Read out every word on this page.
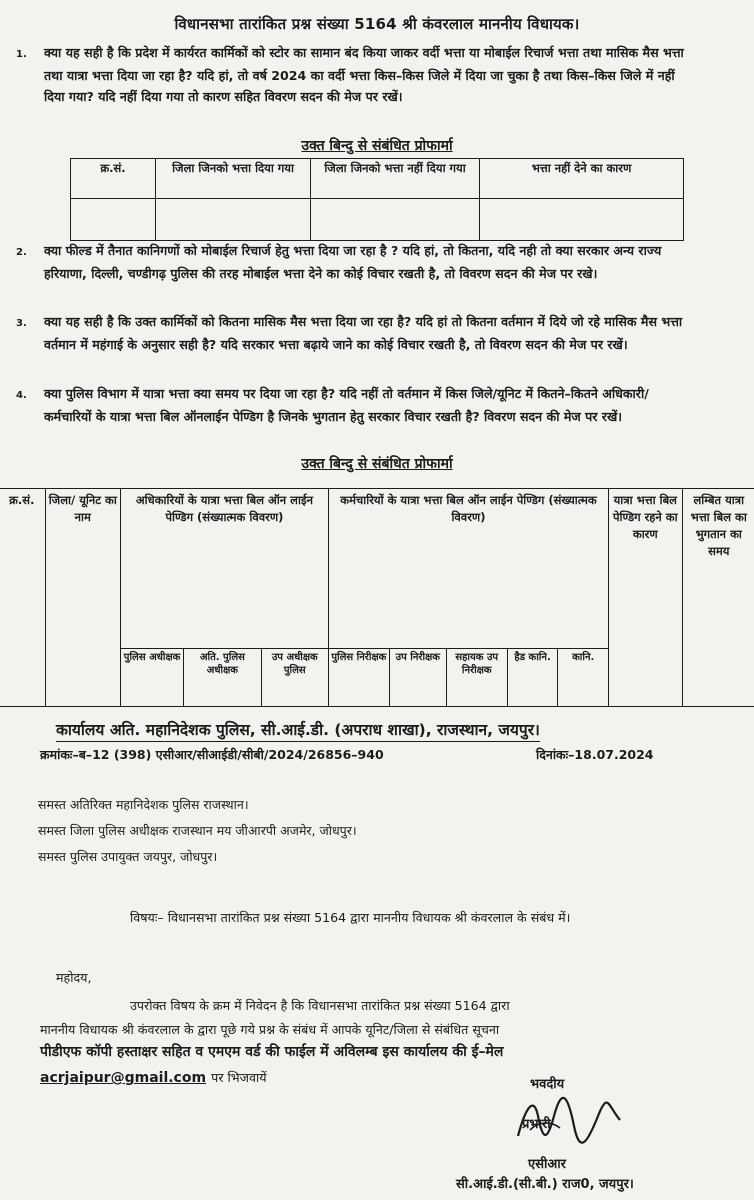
विधानसभा तारांकित प्रश्न संख्या 5164 श्री कंवरलाल माननीय विधायक।
1. क्या यह सही है कि प्रदेश में कार्यरत कार्मिकों को स्टोर का सामान बंद किया जाकर वर्दी भत्ता या मोबाईल रिचार्ज भत्ता तथा मासिक मैस भत्ता तथा यात्रा भत्ता दिया जा रहा है? यदि हां, तो वर्ष 2024 का वर्दी भत्ता किस–किस जिले में दिया जा चुका है तथा किस–किस जिले में नहीं दिया गया? यदि नहीं दिया गया तो कारण सहित विवरण सदन की मेज पर रखें।
उक्त बिन्दु से संबंधित प्रोफार्मा
क्र.सं.	जिला जिनको भत्ता दिया गया	जिला जिनको भत्ता नहीं दिया गया	भत्ता नहीं देने का कारण

2. क्या फील्ड में तैनात कानिगणों को मोबाईल रिचार्ज हेतु भत्ता दिया जा रहा है ? यदि हां, तो कितना, यदि नही तो क्या सरकार अन्य राज्य हरियाणा, दिल्ली, चण्डीगढ़ पुलिस की तरह मोबाईल भत्ता देने का कोई विचार रखती है, तो विवरण सदन की मेज पर रखे।
3. क्या यह सही है कि उक्त कार्मिकों को कितना मासिक मैस भत्ता दिया जा रहा है? यदि हां तो कितना वर्तमान में दिये जो रहे मासिक मैस भत्ता वर्तमान में महंगाई के अनुसार सही है? यदि सरकार भत्ता बढ़ाये जाने का कोई विचार रखती है, तो विवरण सदन की मेज पर रखें।
4. क्या पुलिस विभाग में यात्रा भत्ता क्या समय पर दिया जा रहा है? यदि नहीं तो वर्तमान में किस जिले/यूनिट में कितने–कितने अधिकारी/कर्मचारियों के यात्रा भत्ता बिल ऑनलाईन पेण्डिग है जिनके भुगतान हेतु सरकार विचार रखती है? विवरण सदन की मेज पर रखें।
उक्त बिन्दु से संबंधित प्रोफार्मा
क्र.सं.	जिला/ यूनिट का नाम	अधिकारियों के यात्रा भत्ता बिल ऑन लाईन पेण्डिग (संख्यात्मक विवरण)			कर्मचारियों के यात्रा भत्ता बिल ऑन लाईन पेण्डिग (संख्यात्मक विवरण)					यात्रा भत्ता बिल पेण्डिग रहने का कारण	लम्बित यात्रा भत्ता बिल का भुगतान का समय
		पुलिस अधीक्षक	अति. पुलिस अधीक्षक	उप अधीक्षक पुलिस	पुलिस निरीक्षक	उप निरीक्षक	सहायक उप निरीक्षक	हैड कानि.	कानि.		
कार्यालय अति. महानिदेशक पुलिस, सी.आई.डी. (अपराध शाखा), राजस्थान, जयपुर।
क्रमांकः–ब–12 (398) एसीआर/सीआईडी/सीबी/2024/26856–940	दिनांकः–18.07.2024
समस्त अतिरिक्त महानिदेशक पुलिस राजस्थान।
समस्त जिला पुलिस अधीक्षक राजस्थान मय जीआरपी अजमेर, जोधपुर।
समस्त पुलिस उपायुक्त जयपुर, जोधपुर।
विषयः– विधानसभा तारांकित प्रश्न संख्या 5164 द्वारा माननीय विधायक श्री कंवरलाल के संबंध में।
महोदय,
उपरोक्त विषय के क्रम में निवेदन है कि विधानसभा तारांकित प्रश्न संख्या 5164 द्वारा
माननीय विधायक श्री कंवरलाल के द्वारा पूछे गये प्रश्न के संबंध में आपके यूनिट/जिला से संबंधित सूचना
पीडीएफ कॉपी हस्ताक्षर सहित व एमएम वर्ड की फाईल में अविलम्ब इस कार्यालय की ई–मेल
acrjaipur@gmail.com पर भिजवायें	भवदीय
प्रभारी
एसीआर
सी.आई.डी.(सी.बी.) राज0, जयपुर।
